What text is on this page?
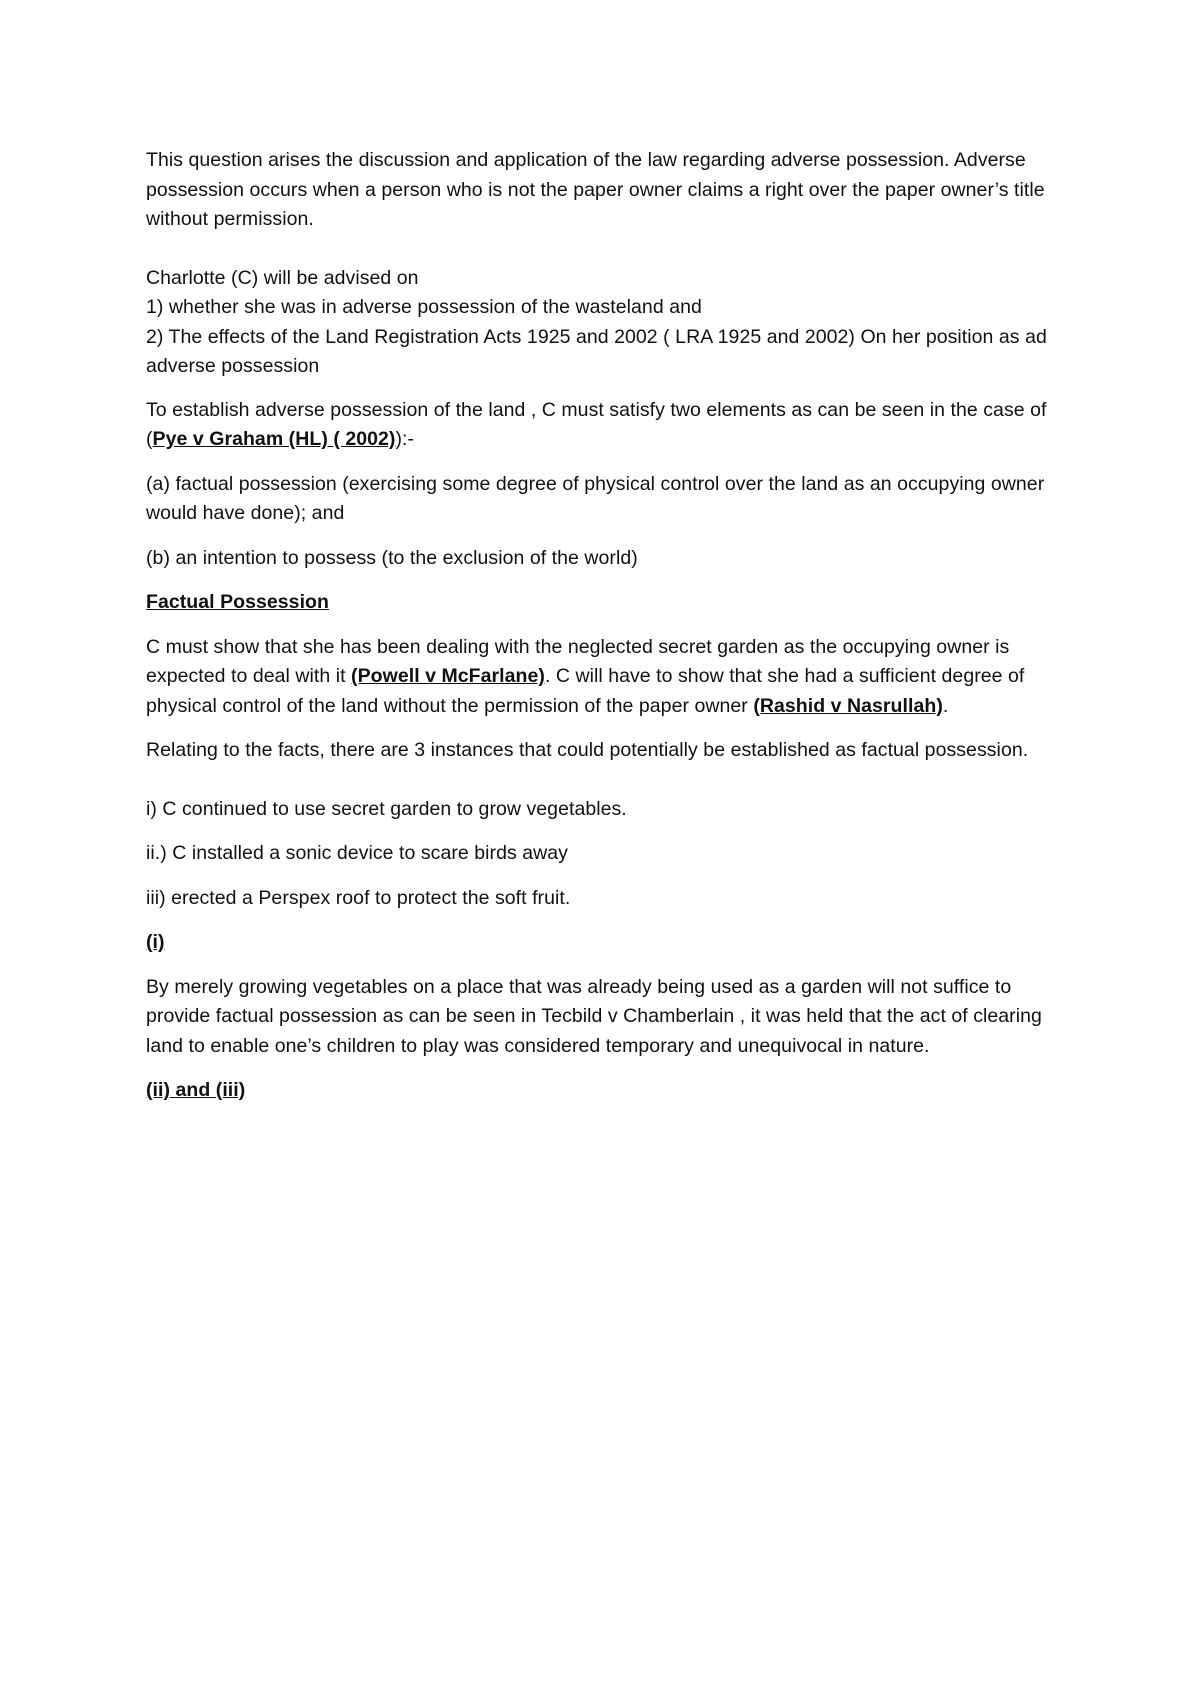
This question arises the discussion and application of the law regarding adverse possession. Adverse possession occurs when a person who is not the paper owner claims a right over the paper owner’s title without permission.

Charlotte (C) will be advised on
1) whether she was in adverse possession of the wasteland and
2) The effects of the Land Registration Acts 1925 and 2002 ( LRA 1925 and 2002) On her position as ad adverse possession

To establish adverse possession of the land , C must satisfy two elements as can be seen in the case of (Pye v Graham (HL) ( 2002)):-

(a) factual possession (exercising some degree of physical control over the land as an occupying owner would have done); and

(b) an intention to possess (to the exclusion of the world)

Factual Possession

C must show that she has been dealing with the neglected secret garden as the occupying owner is expected to deal with it (Powell v McFarlane). C will have to show that she had a sufficient degree of physical control of the land without the permission of the paper owner (Rashid v Nasrullah).

Relating to the facts, there are 3 instances that could potentially be established as factual possession.

i) C continued to use secret garden to grow vegetables.

ii.) C installed a sonic device to scare birds away

iii) erected a Perspex roof to protect the soft fruit.

(i)

By merely growing vegetables on a place that was already being used as a garden will not suffice to provide factual possession as can be seen in Tecbild v Chamberlain , it was held that the act of clearing land to enable one’s children to play was considered temporary and unequivocal in nature.

(ii) and (iii)
